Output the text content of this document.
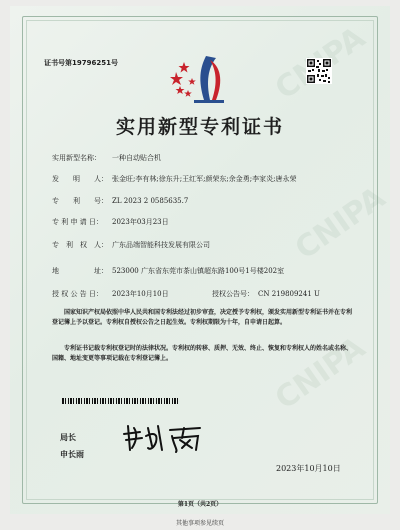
CNIPA
CNIPA
证书号第19796251号
实用新型专利证书
实用新型名称： 一种自动贴合机
发　　明　　人： 张金旺;李有林;徐东升;王红军;颜荣东;余金勇;李家炎;唐永荣
专　　利　　号： ZL 2023 2 0585635.7
专 利 申 请 日： 2023年03月23日
专　利　权　人： 广东品端智能科技发展有限公司
地　　　　　址： 523000 广东省东莞市茶山镇超东路100号1号楼202室
授 权 公 告 日： 2023年10月10日	授权公告号： CN 219809241 U
国家知识产权局依照中华人民共和国专利法经过初步审查，决定授予专利权，颁发实用新型专利证书并在专利登记簿上予以登记。专利权自授权公告之日起生效。专利权期限为十年，自申请日起算。
专利证书记载专利权登记时的法律状况。专利权的转移、质押、无效、终止、恢复和专利权人的姓名或名称、国籍、地址变更等事项记载在专利登记簿上。
局长
申长雨
2023年10月10日
第1页（共2页）
其他事项参见续页
